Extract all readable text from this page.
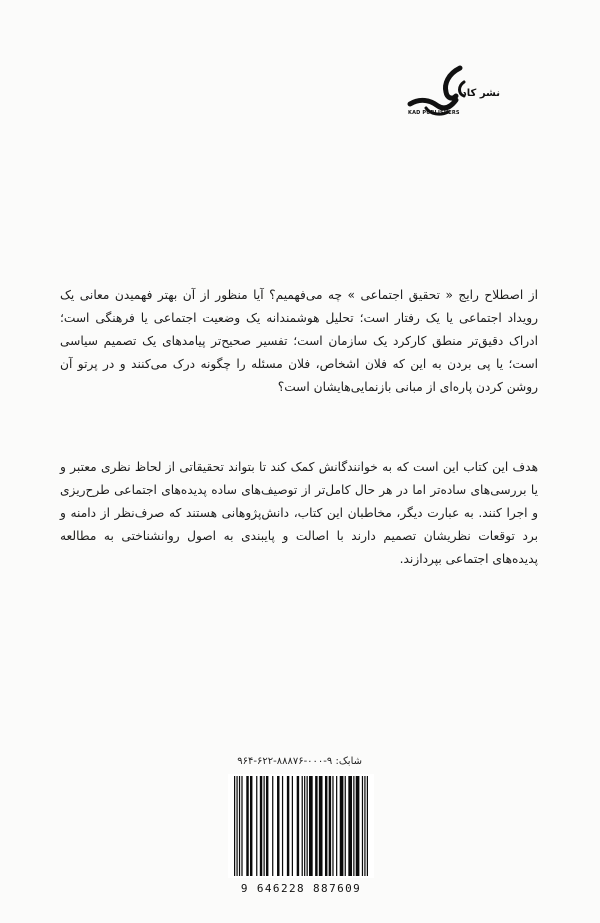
نشر کاد
KAD PUBLISHERS

از اصطلاح رایج « تحقیق اجتماعی » چه می‌فهمیم؟ آیا منظور از آن بهتر فهمیدن معانی یک رویداد اجتماعی یا یک رفتار است؛ تحلیل هوشمندانه یک وضعیت اجتماعی یا فرهنگی است؛ ادراک دقیق‌تر منطق کارکرد یک سازمان است؛ تفسیر صحیح‌تر پیامدهای یک تصمیم سیاسی است؛ یا پی بردن به این که فلان اشخاص، فلان مسئله را چگونه درک می‌کنند و در پرتو آن روشن کردن پاره‌ای از مبانی بازنمایی‌هایشان است؟

هدف این کتاب این است که به خوانندگانش کمک کند تا بتواند تحقیقاتی از لحاظ نظری معتبر و یا بررسی‌های ساده‌تر اما در هر حال کامل‌تر از توصیف‌های ساده پدیده‌های اجتماعی طرح‌ریزی و اجرا کنند. به عبارت دیگر، مخاطبان این کتاب، دانش‌پژوهانی هستند که صرف‌نظر از دامنه و برد توقعات نظریشان تصمیم دارند با اصالت و پایبندی به اصول روانشناختی به مطالعه پدیده‌های اجتماعی بپردازند.

شابک: ۹-۰۰۰-۸۸۸۷۶-۶۲۲-۹۶۴
9 646228 887609
